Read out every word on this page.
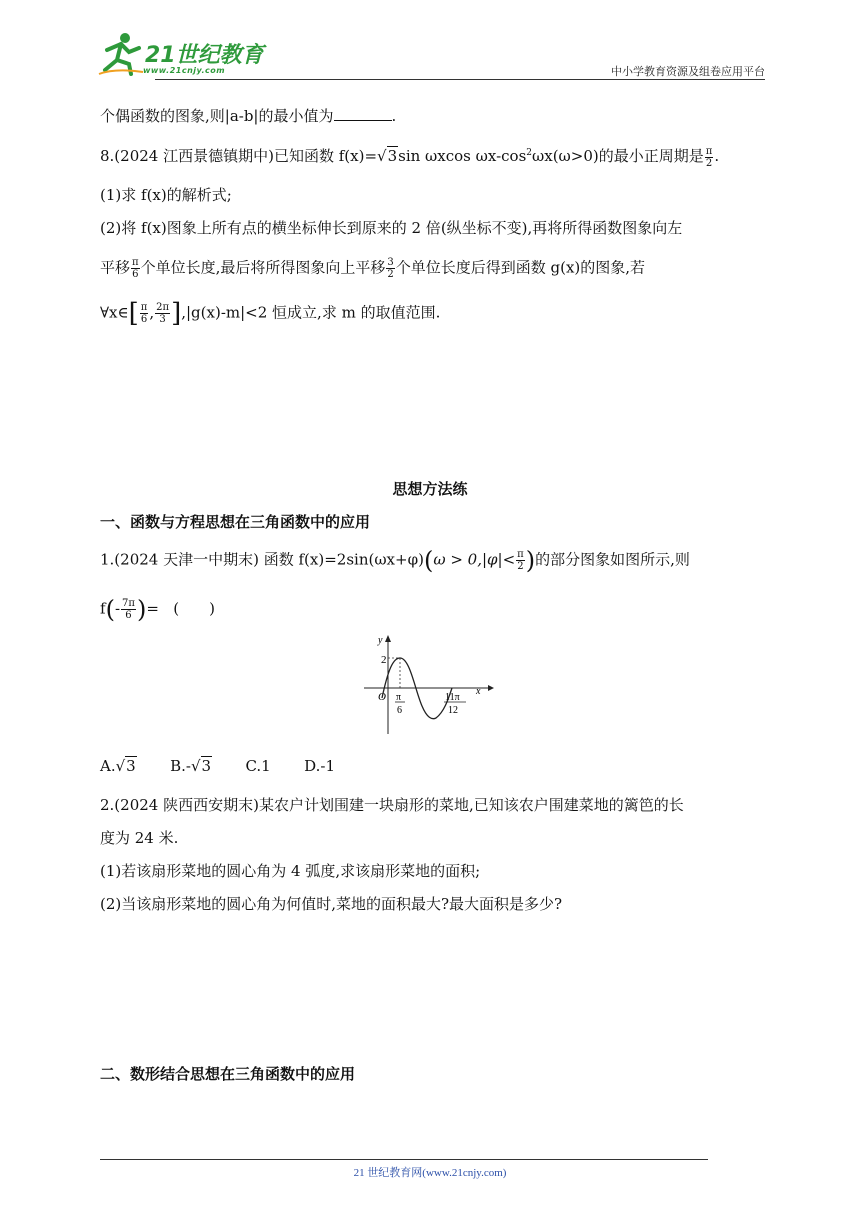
21世纪教育
www.21cnjy.com	中小学教育资源及组卷应用平台
个偶函数的图象,则|a-b|的最小值为	.
8.(2024 江西景德镇期中)已知函数 f(x)=√3sin ωxcos $\omega x-\cos^2\omega x(\omega>0)$的最小正周期是 $\frac{\pi}{2}$ .
(1)求 f(x)的解析式;
(2)将 f(x)图象上所有点的横坐标伸长到原来的 2 倍(纵坐标不变),再将所得函数图象向左
平移 $\frac{\pi}{6}$ 个单位长度,最后将所得图象向上平移 $\frac{3}{2}$ 个单位长度后得到函数 g(x)的图象,若
∀x∈[ $\frac{\pi}{6}$ , $\frac{2\pi}{3} ],|g(x)-m|<2$ 恒成立,求 m 的取值范围.
思想方法练
一、函数与方程思想在三角函数中的应用
1.(2024 天津一中期末) 函数 $f(x)=2\sin(\omega x+\varphi)(\omega > 0,|\varphi|< \frac{\pi}{2}$ )的部分图象如图所示,则
$f(- \frac{7\pi}{6}$ )= (　　)
y
x
O
2
π
6
11π
12
A.√3 B.-√3 C.1 D.-1
2.(2024 陕西西安期末)某农户计划围建一块扇形的菜地,已知该农户围建菜地的篱笆的长
度为 24 米.
(1)若该扇形菜地的圆心角为 4 弧度,求该扇形菜地的面积;
(2)当该扇形菜地的圆心角为何值时,菜地的面积最大?最大面积是多少?
二、数形结合思想在三角函数中的应用
21 世纪教育网(www.21cnjy.com)
